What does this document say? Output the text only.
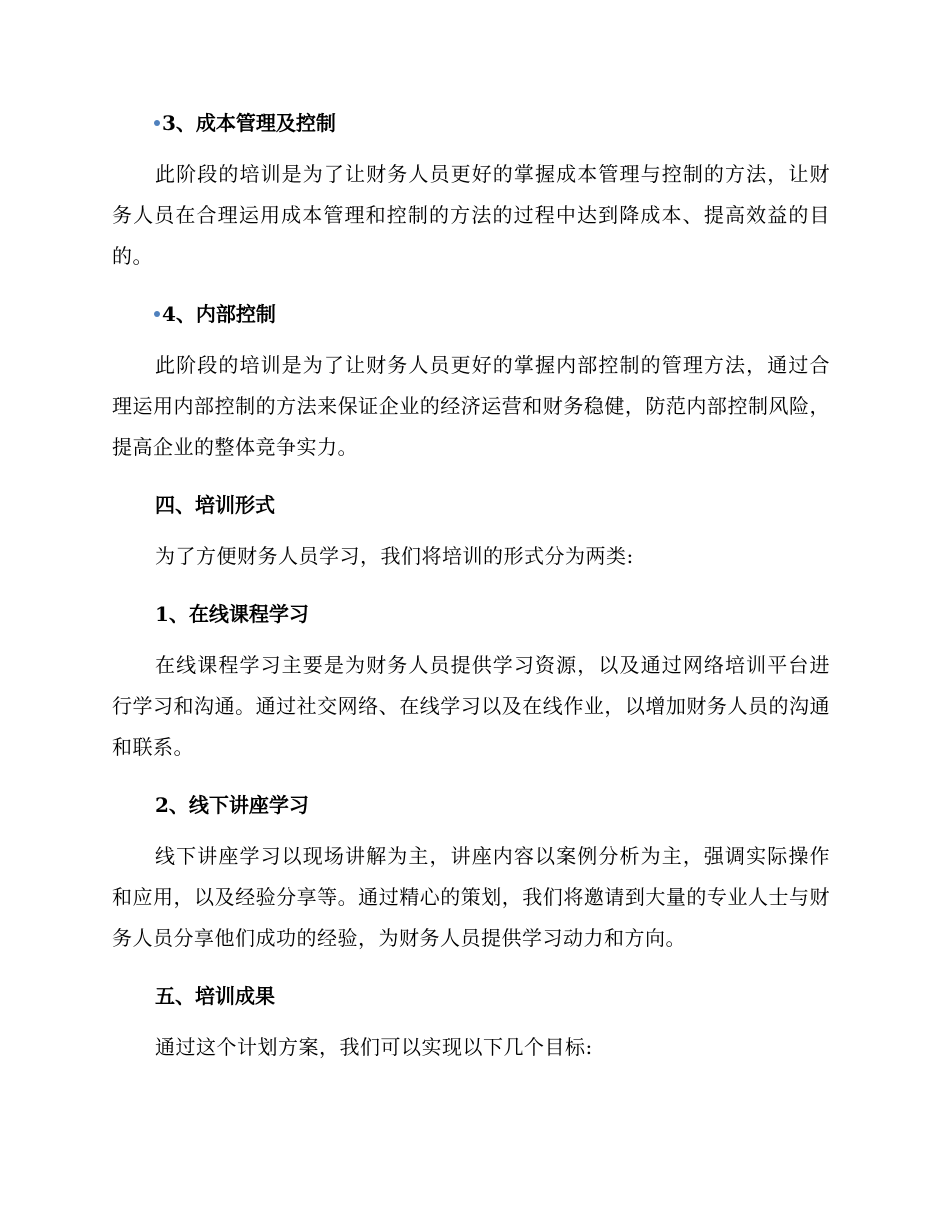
3、成本管理及控制

此阶段的培训是为了让财务人员更好的掌握成本管理与控制的方法，让财务人员在合理运用成本管理和控制的方法的过程中达到降成本、提高效益的目的。

4、内部控制

此阶段的培训是为了让财务人员更好的掌握内部控制的管理方法，通过合理运用内部控制的方法来保证企业的经济运营和财务稳健，防范内部控制风险，提高企业的整体竞争实力。

四、培训形式

为了方便财务人员学习，我们将培训的形式分为两类:

1、在线课程学习

在线课程学习主要是为财务人员提供学习资源，以及通过网络培训平台进行学习和沟通。通过社交网络、在线学习以及在线作业，以增加财务人员的沟通和联系。

2、线下讲座学习

线下讲座学习以现场讲解为主，讲座内容以案例分析为主，强调实际操作和应用，以及经验分享等。通过精心的策划，我们将邀请到大量的专业人士与财务人员分享他们成功的经验，为财务人员提供学习动力和方向。

五、培训成果

通过这个计划方案，我们可以实现以下几个目标:
